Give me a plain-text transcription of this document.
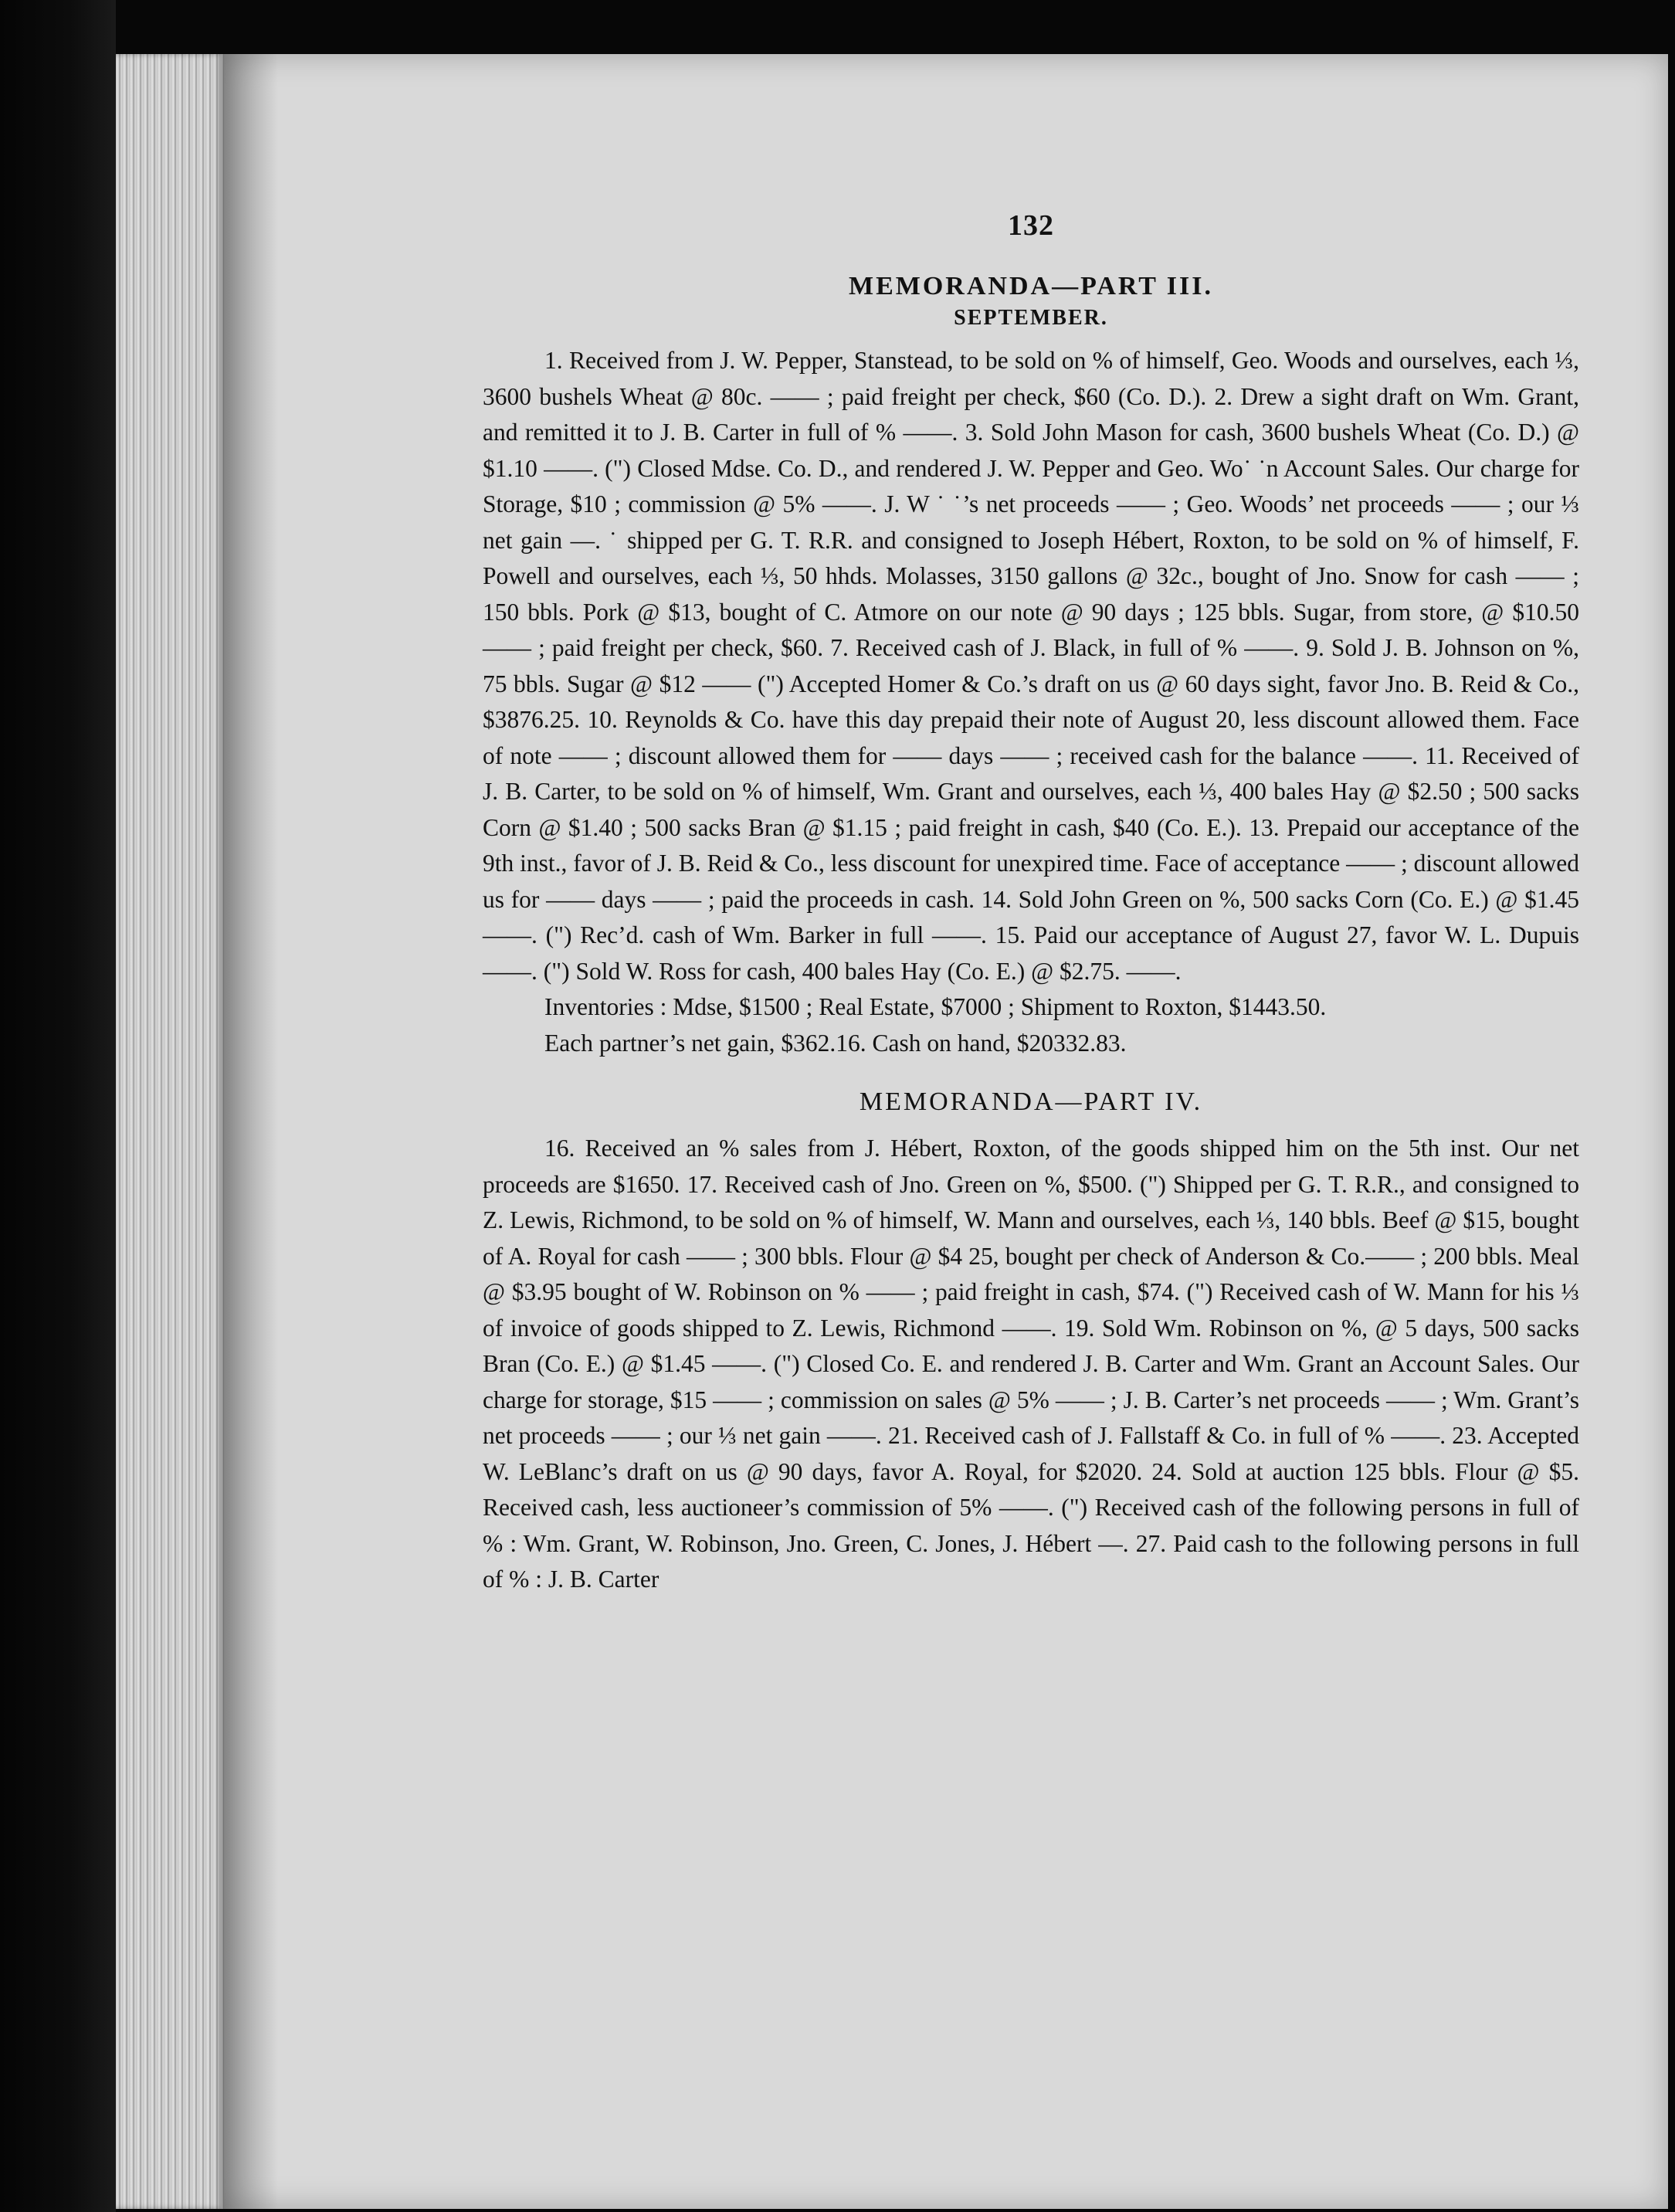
132
MEMORANDA—PART III.
SEPTEMBER.

1. Received from J. W. Pepper, Stanstead, to be sold on % of himself, Geo. Woods and ourselves, each ⅓, 3600 bushels Wheat @ 80c. —— ; paid freight per check, $60 (Co. D.). 2. Drew a sight draft on Wm. Grant, and remitted it to J. B. Carter in full of % ——. 3. Sold John Mason for cash, 3600 bushels Wheat (Co. D.) @ $1.10 ——. (") Closed Mdse. Co. D., and rendered J. W. Pepper and Geo. Wo˙ ˙n Account Sales. Our charge for Storage, $10 ; commission @ 5% ——. J. W ˙ ˙’s net proceeds —— ; Geo. Woods’ net proceeds —— ; our ⅓ net gain —. ˙ shipped per G. T. R.R. and consigned to Joseph Hébert, Roxton, to be sold on % of himself, F. Powell and ourselves, each ⅓, 50 hhds. Molasses, 3150 gallons @ 32c., bought of Jno. Snow for cash —— ; 150 bbls. Pork @ $13, bought of C. Atmore on our note @ 90 days ; 125 bbls. Sugar, from store, @ $10.50 —— ; paid freight per check, $60. 7. Received cash of J. Black, in full of % ——. 9. Sold J. B. Johnson on %, 75 bbls. Sugar @ $12 —— (") Accepted Homer & Co.’s draft on us @ 60 days sight, favor Jno. B. Reid & Co., $3876.25. 10. Reynolds & Co. have this day prepaid their note of August 20, less discount allowed them. Face of note —— ; discount allowed them for —— days —— ; received cash for the balance ——. 11. Received of J. B. Carter, to be sold on % of himself, Wm. Grant and ourselves, each ⅓, 400 bales Hay @ $2.50 ; 500 sacks Corn @ $1.40 ; 500 sacks Bran @ $1.15 ; paid freight in cash, $40 (Co. E.). 13. Prepaid our acceptance of the 9th inst., favor of J. B. Reid & Co., less discount for unexpired time. Face of acceptance —— ; discount allowed us for —— days —— ; paid the proceeds in cash. 14. Sold John Green on %, 500 sacks Corn (Co. E.) @ $1.45 ——. (") Rec’d. cash of Wm. Barker in full ——. 15. Paid our acceptance of August 27, favor W. L. Dupuis ——. (") Sold W. Ross for cash, 400 bales Hay (Co. E.) @ $2.75. ——.

Inventories : Mdse, $1500 ; Real Estate, $7000 ; Shipment to Roxton, $1443.50.

Each partner’s net gain, $362.16. Cash on hand, $20332.83.

MEMORANDA—PART IV.

16. Received an % sales from J. Hébert, Roxton, of the goods shipped him on the 5th inst. Our net proceeds are $1650. 17. Received cash of Jno. Green on %, $500. (") Shipped per G. T. R.R., and consigned to Z. Lewis, Richmond, to be sold on % of himself, W. Mann and ourselves, each ⅓, 140 bbls. Beef @ $15, bought of A. Royal for cash —— ; 300 bbls. Flour @ $4 25, bought per check of Anderson & Co.—— ; 200 bbls. Meal @ $3.95 bought of W. Robinson on % —— ; paid freight in cash, $74. (") Received cash of W. Mann for his ⅓ of invoice of goods shipped to Z. Lewis, Richmond ——. 19. Sold Wm. Robinson on %, @ 5 days, 500 sacks Bran (Co. E.) @ $1.45 ——. (") Closed Co. E. and rendered J. B. Carter and Wm. Grant an Account Sales. Our charge for storage, $15 —— ; commission on sales @ 5% —— ; J. B. Carter’s net proceeds —— ; Wm. Grant’s net proceeds —— ; our ⅓ net gain ——. 21. Received cash of J. Fallstaff & Co. in full of % ——. 23. Accepted W. LeBlanc’s draft on us @ 90 days, favor A. Royal, for $2020. 24. Sold at auction 125 bbls. Flour @ $5. Received cash, less auctioneer’s commission of 5% ——. (") Received cash of the following persons in full of % : Wm. Grant, W. Robinson, Jno. Green, C. Jones, J. Hébert —. 27. Paid cash to the following persons in full of % : J. B. Carter
